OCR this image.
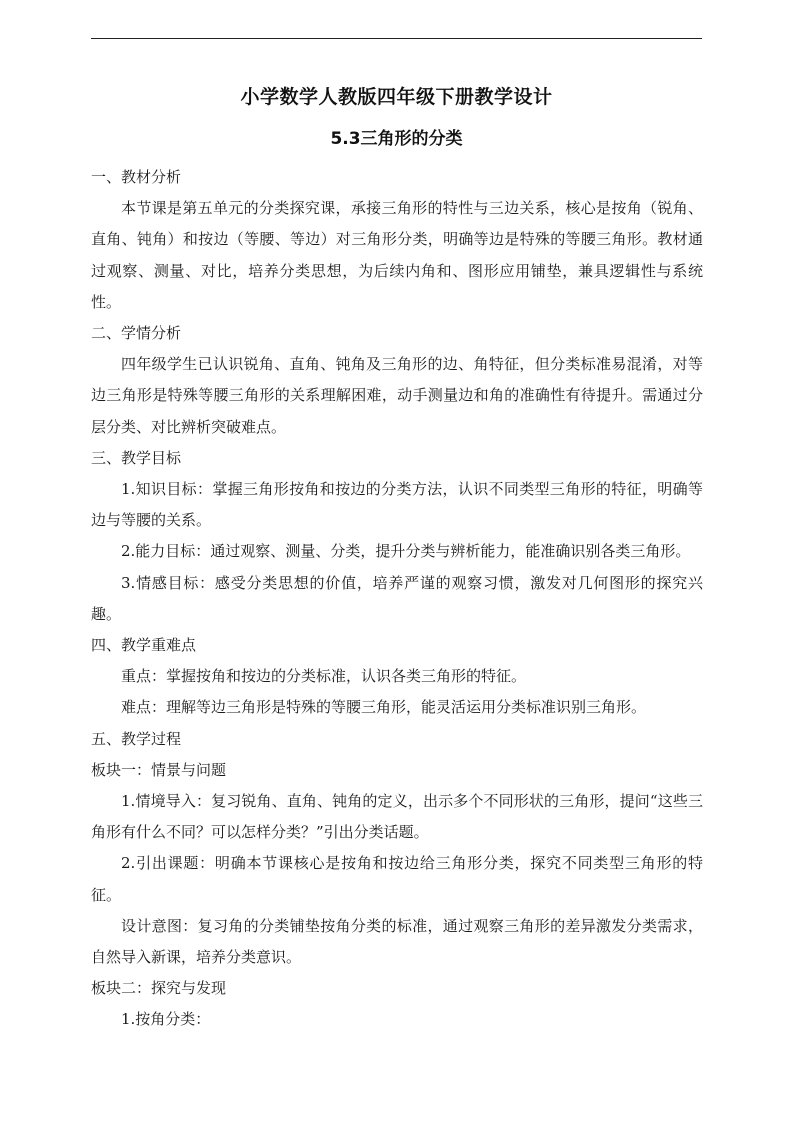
小学数学人教版四年级下册教学设计
5.3三角形的分类

一、教材分析

本节课是第五单元的分类探究课，承接三角形的特性与三边关系，核心是按角（锐角、直角、钝角）和按边（等腰、等边）对三角形分类，明确等边是特殊的等腰三角形。教材通过观察、测量、对比，培养分类思想，为后续内角和、图形应用铺垫，兼具逻辑性与系统性。

二、学情分析

四年级学生已认识锐角、直角、钝角及三角形的边、角特征，但分类标准易混淆，对等边三角形是特殊等腰三角形的关系理解困难，动手测量边和角的准确性有待提升。需通过分层分类、对比辨析突破难点。

三、教学目标

1.知识目标：掌握三角形按角和按边的分类方法，认识不同类型三角形的特征，明确等边与等腰的关系。

2.能力目标：通过观察、测量、分类，提升分类与辨析能力，能准确识别各类三角形。

3.情感目标：感受分类思想的价值，培养严谨的观察习惯，激发对几何图形的探究兴趣。

四、教学重难点

重点：掌握按角和按边的分类标准，认识各类三角形的特征。

难点：理解等边三角形是特殊的等腰三角形，能灵活运用分类标准识别三角形。

五、教学过程

板块一：情景与问题

1.情境导入：复习锐角、直角、钝角的定义，出示多个不同形状的三角形，提问“这些三角形有什么不同？可以怎样分类？”引出分类话题。

2.引出课题：明确本节课核心是按角和按边给三角形分类，探究不同类型三角形的特征。

设计意图：复习角的分类铺垫按角分类的标准，通过观察三角形的差异激发分类需求，自然导入新课，培养分类意识。

板块二：探究与发现

1.按角分类：
